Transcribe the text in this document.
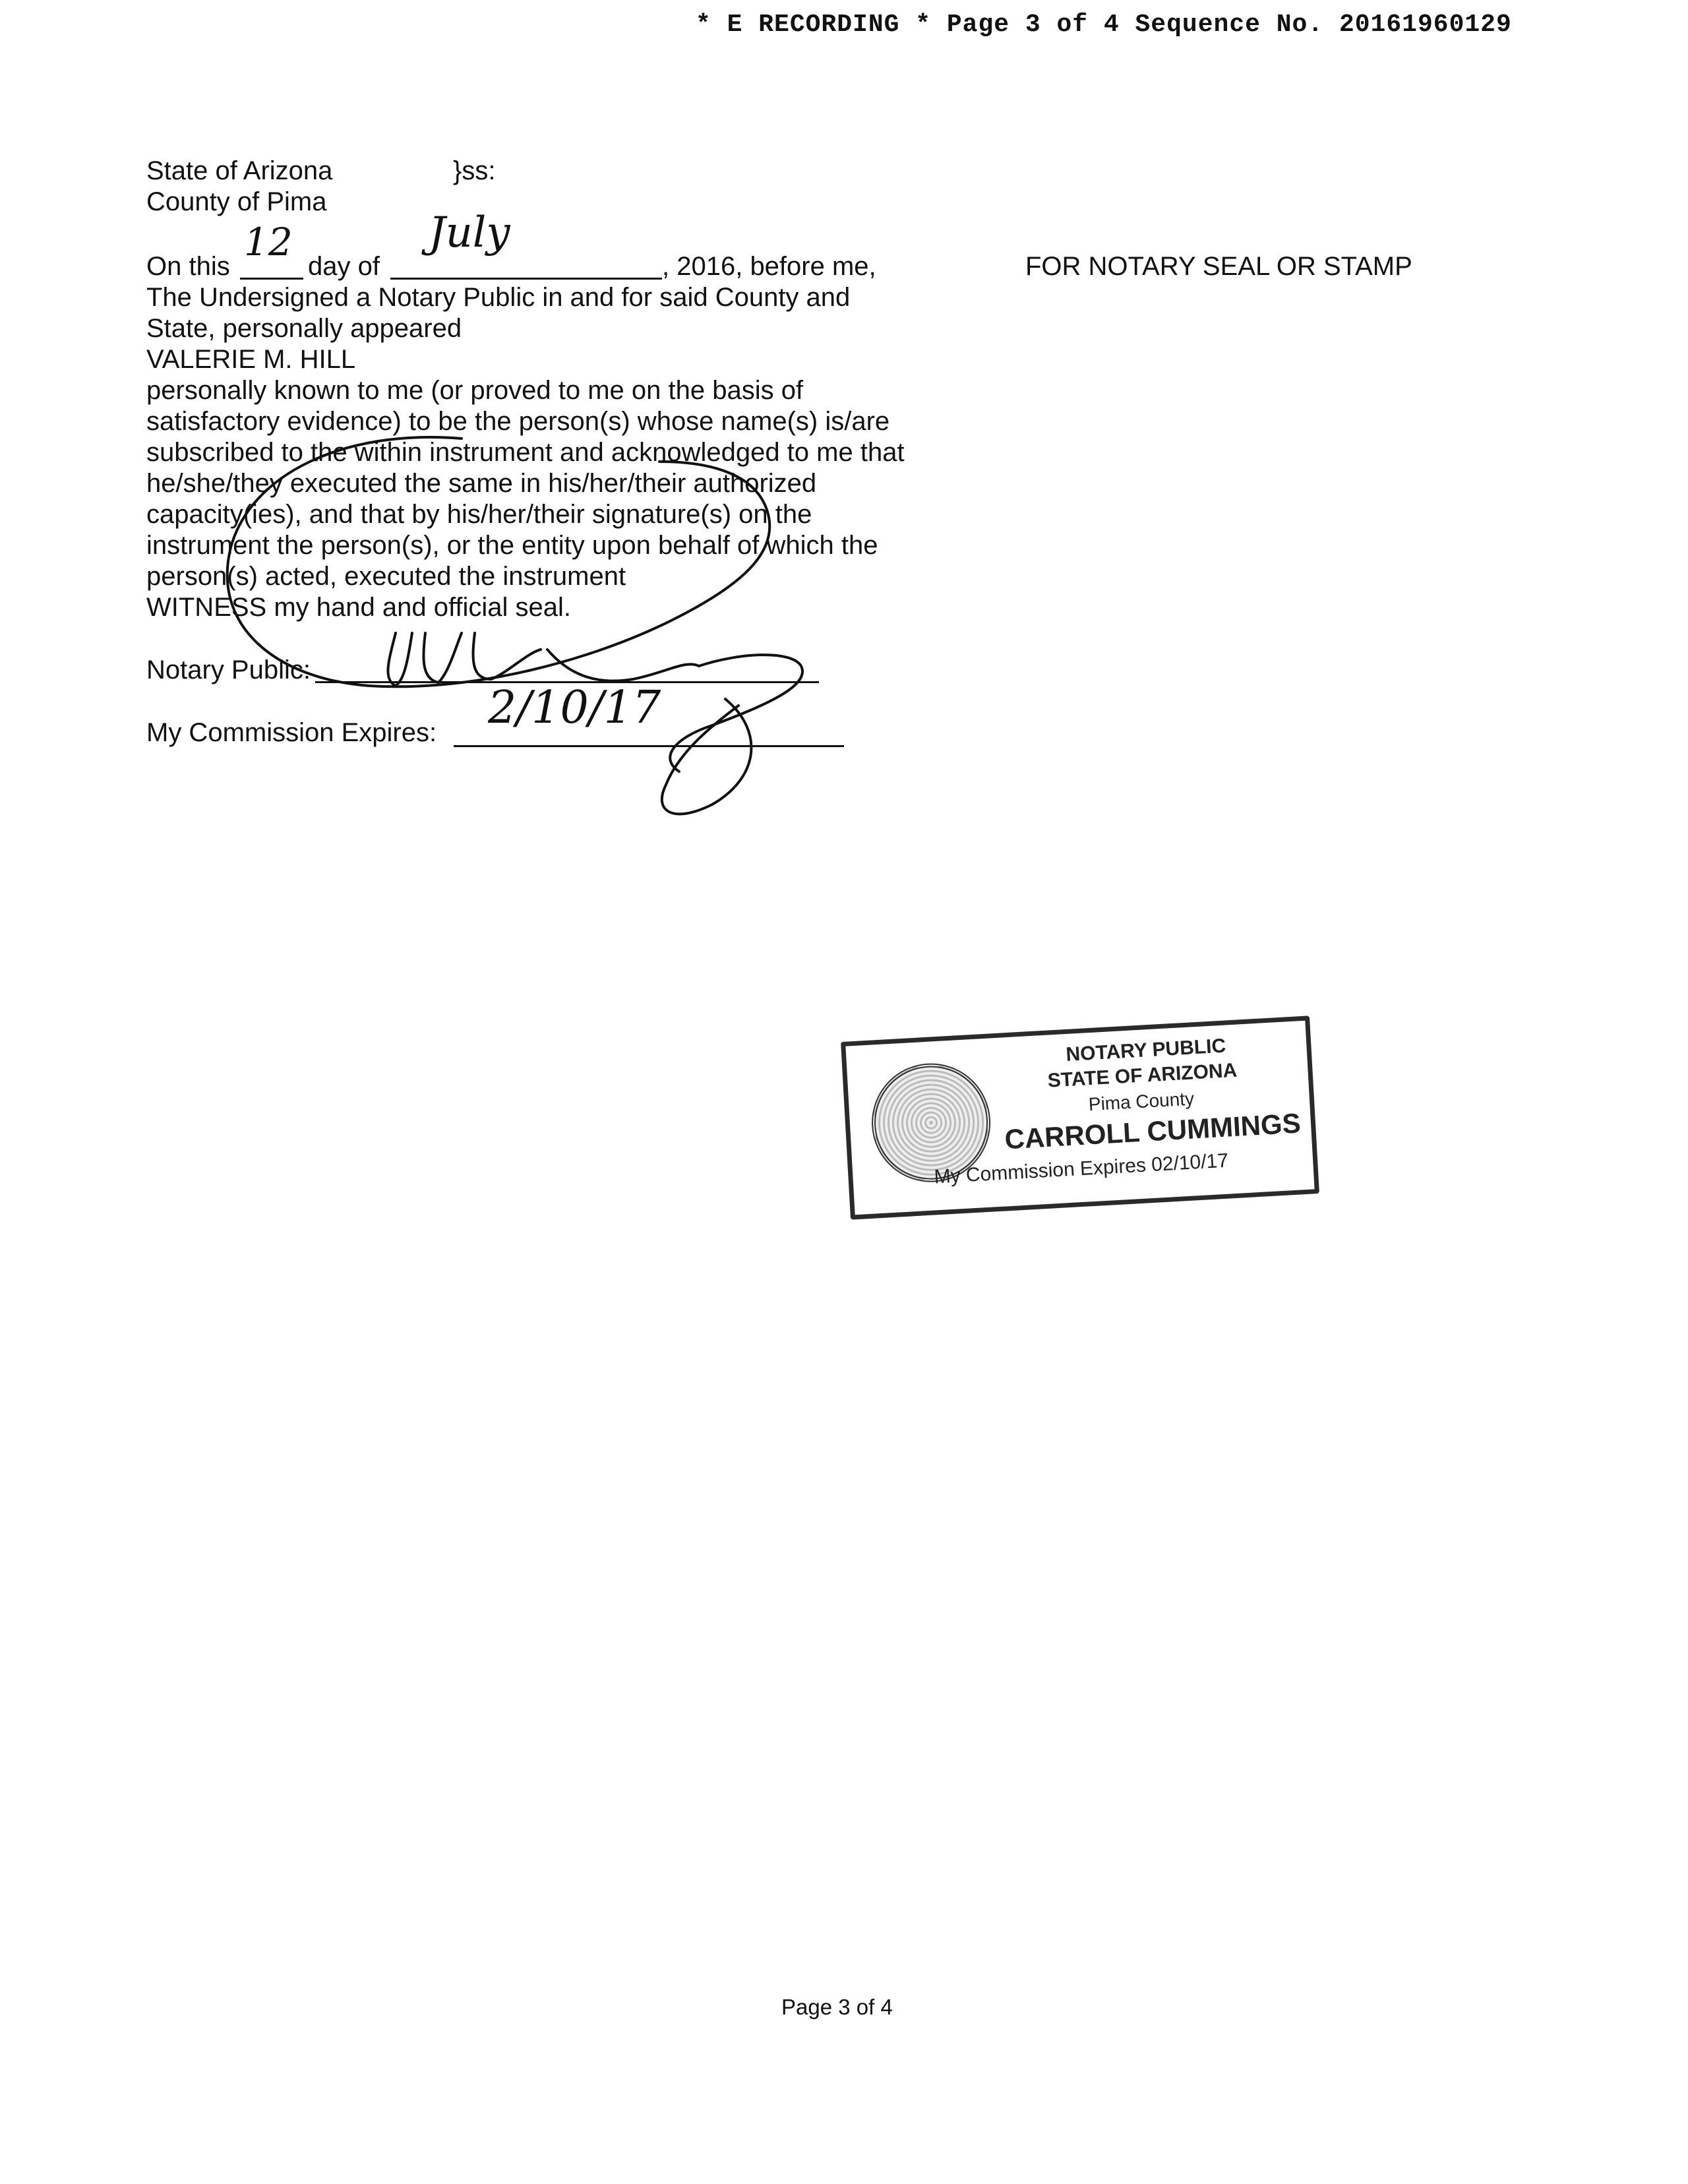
* E RECORDING * Page 3 of 4 Sequence No. 20161960129
State of Arizona	}ss:
County of Pima
On this
12
day of
July
, 2016, before me,
The Undersigned a Notary Public in and for said County and
State, personally appeared
VALERIE M. HILL
personally known to me (or proved to me on the basis of
satisfactory evidence) to be the person(s) whose name(s) is/are
subscribed to the within instrument and acknowledged to me that
he/she/they executed the same in his/her/their authorized
capacity(ies), and that by his/her/their signature(s) on the
instrument the person(s), or the entity upon behalf of which the
person(s) acted, executed the instrument
WITNESS my hand and official seal.
Notary Public:
My Commission Expires: 2/10/17
FOR NOTARY SEAL OR STAMP
NOTARY PUBLIC
STATE OF ARIZONA
Pima County
CARROLL CUMMINGS
My Commission Expires 02/10/17
Page 3 of 4
